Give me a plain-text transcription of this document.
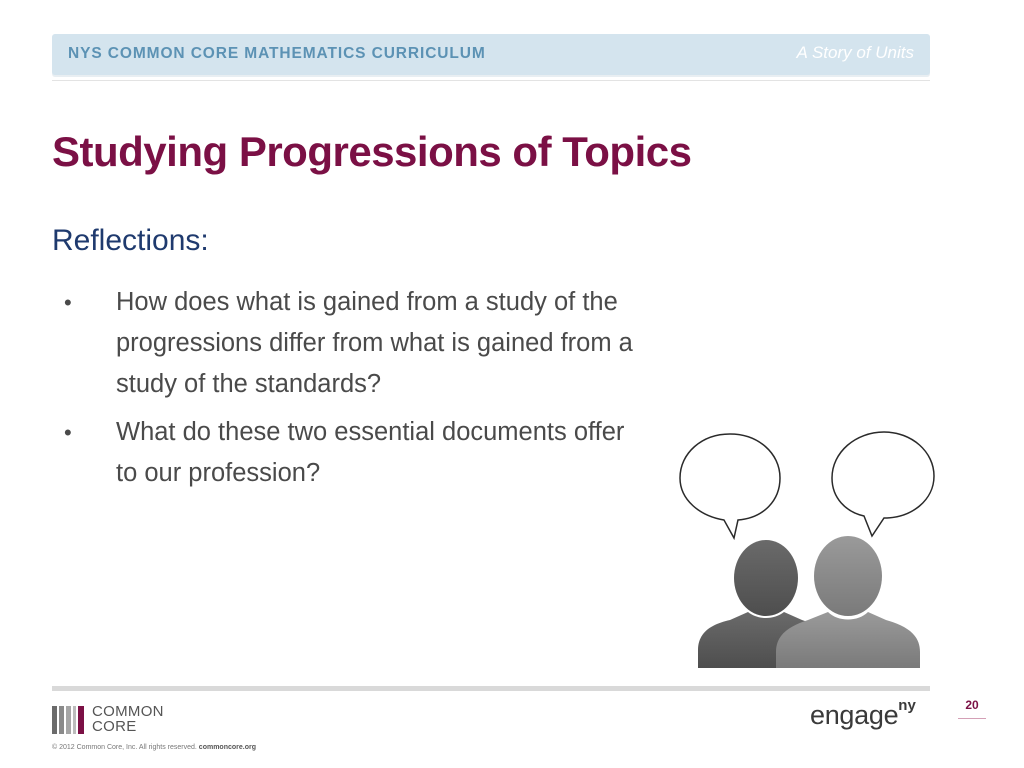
NYS COMMON CORE MATHEMATICS CURRICULUM	A Story of Units
Studying Progressions of Topics
Reflections:
• How does what is gained from a study of the progressions differ from what is gained from a study of the standards?
• What do these two essential documents offer to our profession?
COMMON
CORE
© 2012 Common Core, Inc. All rights reserved. commoncore.org
engageny	20
